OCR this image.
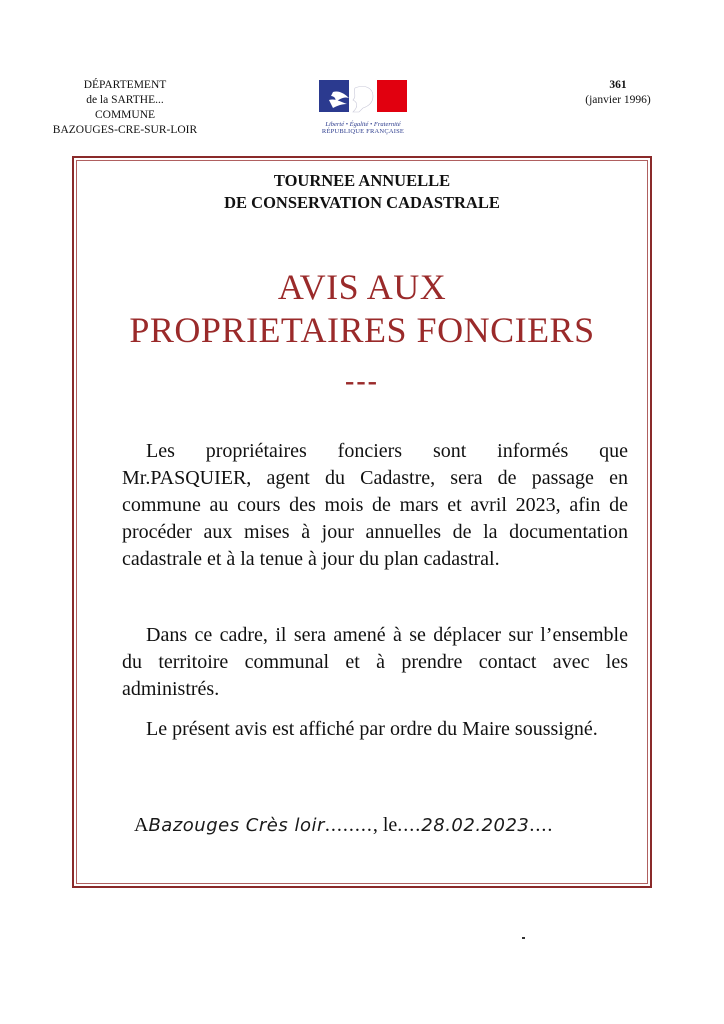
DÉPARTEMENT
de la SARTHE...
COMMUNE
BAZOUGES-CRE-SUR-LOIR	Liberté • Égalité • Fraternité
RÉPUBLIQUE FRANÇAISE
361
(janvier 1996)
TOURNEE ANNUELLE
DE CONSERVATION CADASTRALE
AVIS AUX
PROPRIETAIRES FONCIERS
---

Les propriétaires fonciers sont informés que Mr.PASQUIER, agent du Cadastre, sera de passage en commune au cours des mois de mars et avril 2023, afin de procéder aux mises à jour annuelles de la documentation cadastrale et à la tenue à jour du plan cadastral.

Dans ce cadre, il sera amené à se déplacer sur l’ensemble du territoire communal et à prendre contact avec les administrés.

Le présent avis est affiché par ordre du Maire soussigné.

ABazouges Crès loir........, le....28.02.2023....
